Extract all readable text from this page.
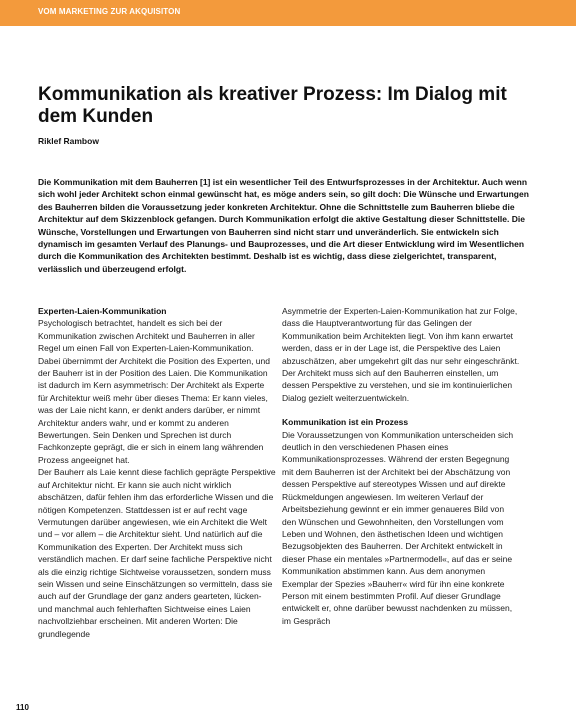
VOM MARKETING ZUR AKQUISITON
Kommunikation als kreativer Prozess: Im Dialog mit dem Kunden
Riklef Rambow

Die Kommunikation mit dem Bauherren [1] ist ein wesentlicher Teil des Entwurfsprozesses in der Architektur. Auch wenn sich wohl jeder Architekt schon einmal gewünscht hat, es möge anders sein, so gilt doch: Die Wünsche und Erwartungen des Bauherren bilden die Voraussetzung jeder konkreten Architektur. Ohne die Schnittstelle zum Bauherren bliebe die Architektur auf dem Skizzenblock gefangen. Durch Kommunikation erfolgt die aktive Gestaltung dieser Schnittstelle. Die Wünsche, Vorstellungen und Erwartungen von Bauherren sind nicht starr und unveränderlich. Sie entwickeln sich dynamisch im gesamten Verlauf des Planungs- und Bauprozesses, und die Art dieser Entwicklung wird im Wesentlichen durch die Kommunikation des Architekten bestimmt. Deshalb ist es wichtig, dass diese zielgerichtet, transparent, verlässlich und überzeugend erfolgt.

Experten-Laien-Kommunikation

Psychologisch betrachtet, handelt es sich bei der Kommunikation zwischen Architekt und Bauherren in aller Regel um einen Fall von Experten-Laien-Kommunikation. Dabei übernimmt der Architekt die Position des Experten, und der Bauherr ist in der Position des Laien. Die Kommunikation ist dadurch im Kern asymmetrisch: Der Architekt als Experte für Architektur weiß mehr über dieses Thema: Er kann vieles, was der Laie nicht kann, er denkt anders darüber, er nimmt Architektur anders wahr, und er kommt zu anderen Bewertungen. Sein Denken und Sprechen ist durch Fachkonzepte geprägt, die er sich in einem lang währenden Prozess angeeignet hat.

Der Bauherr als Laie kennt diese fachlich geprägte Perspektive auf Architektur nicht. Er kann sie auch nicht wirklich abschätzen, dafür fehlen ihm das erforderliche Wissen und die nötigen Kompetenzen. Stattdessen ist er auf recht vage Vermutungen darüber angewiesen, wie ein Architekt die Welt und – vor allem – die Architektur sieht. Und natürlich auf die Kommunikation des Experten. Der Architekt muss sich verständlich machen. Er darf seine fachliche Perspektive nicht als die einzig richtige Sichtweise voraussetzen, sondern muss sein Wissen und seine Einschätzungen so vermitteln, dass sie auch auf der Grundlage der ganz anders gearteten, lücken- und manchmal auch fehlerhaften Sichtweise eines Laien nachvollziehbar erscheinen. Mit anderen Worten: Die grundlegende

Asymmetrie der Experten-Laien-Kommunikation hat zur Folge, dass die Hauptverantwortung für das Gelingen der Kommunikation beim Architekten liegt. Von ihm kann erwartet werden, dass er in der Lage ist, die Perspektive des Laien abzuschätzen, aber umgekehrt gilt das nur sehr eingeschränkt. Der Architekt muss sich auf den Bauherren einstellen, um dessen Perspektive zu verstehen, und sie im kontinuierlichen Dialog gezielt weiterzuentwickeln.

Kommunikation ist ein Prozess

Die Voraussetzungen von Kommunikation unterscheiden sich deutlich in den verschiedenen Phasen eines Kommunikationsprozesses. Während der ersten Begegnung mit dem Bauherren ist der Architekt bei der Abschätzung von dessen Perspektive auf stereotypes Wissen und auf direkte Rückmeldungen angewiesen. Im weiteren Verlauf der Arbeitsbeziehung gewinnt er ein immer genaueres Bild von den Wünschen und Gewohnheiten, den Vorstellungen vom Leben und Wohnen, den ästhetischen Ideen und wichtigen Bezugsobjekten des Bauherren. Der Architekt entwickelt in dieser Phase ein mentales »Partnermodell«, auf das er seine Kommunikation abstimmen kann. Aus dem anonymen Exemplar der Spezies »Bauherr« wird für ihn eine konkrete Person mit einem bestimmten Profil. Auf dieser Grundlage entwickelt er, ohne darüber bewusst nachdenken zu müssen, im Gespräch

110
